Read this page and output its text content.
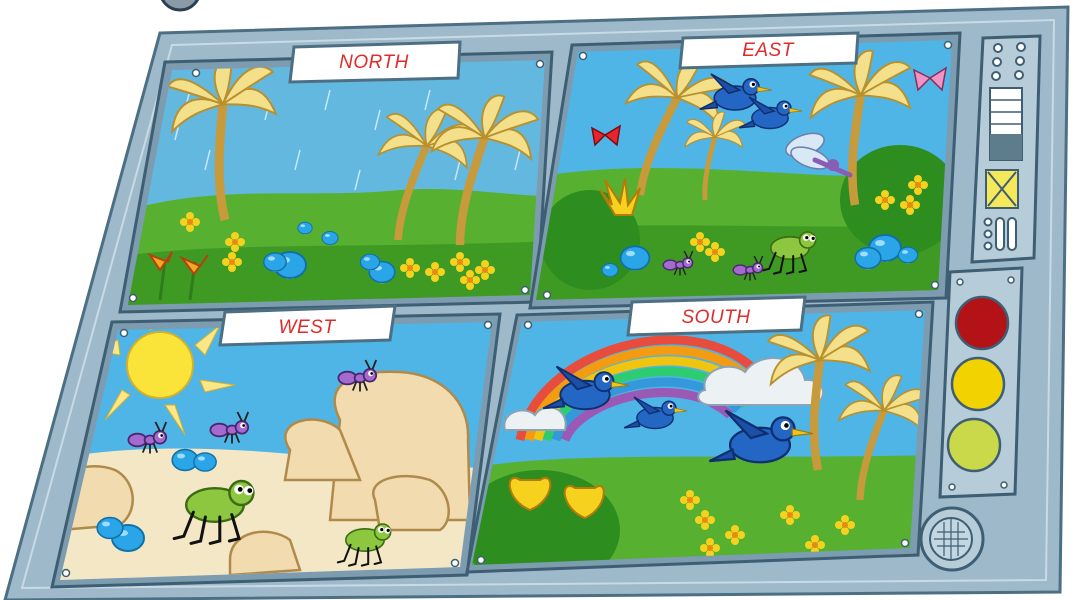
NORTH
EAST
WEST	SOUTH
